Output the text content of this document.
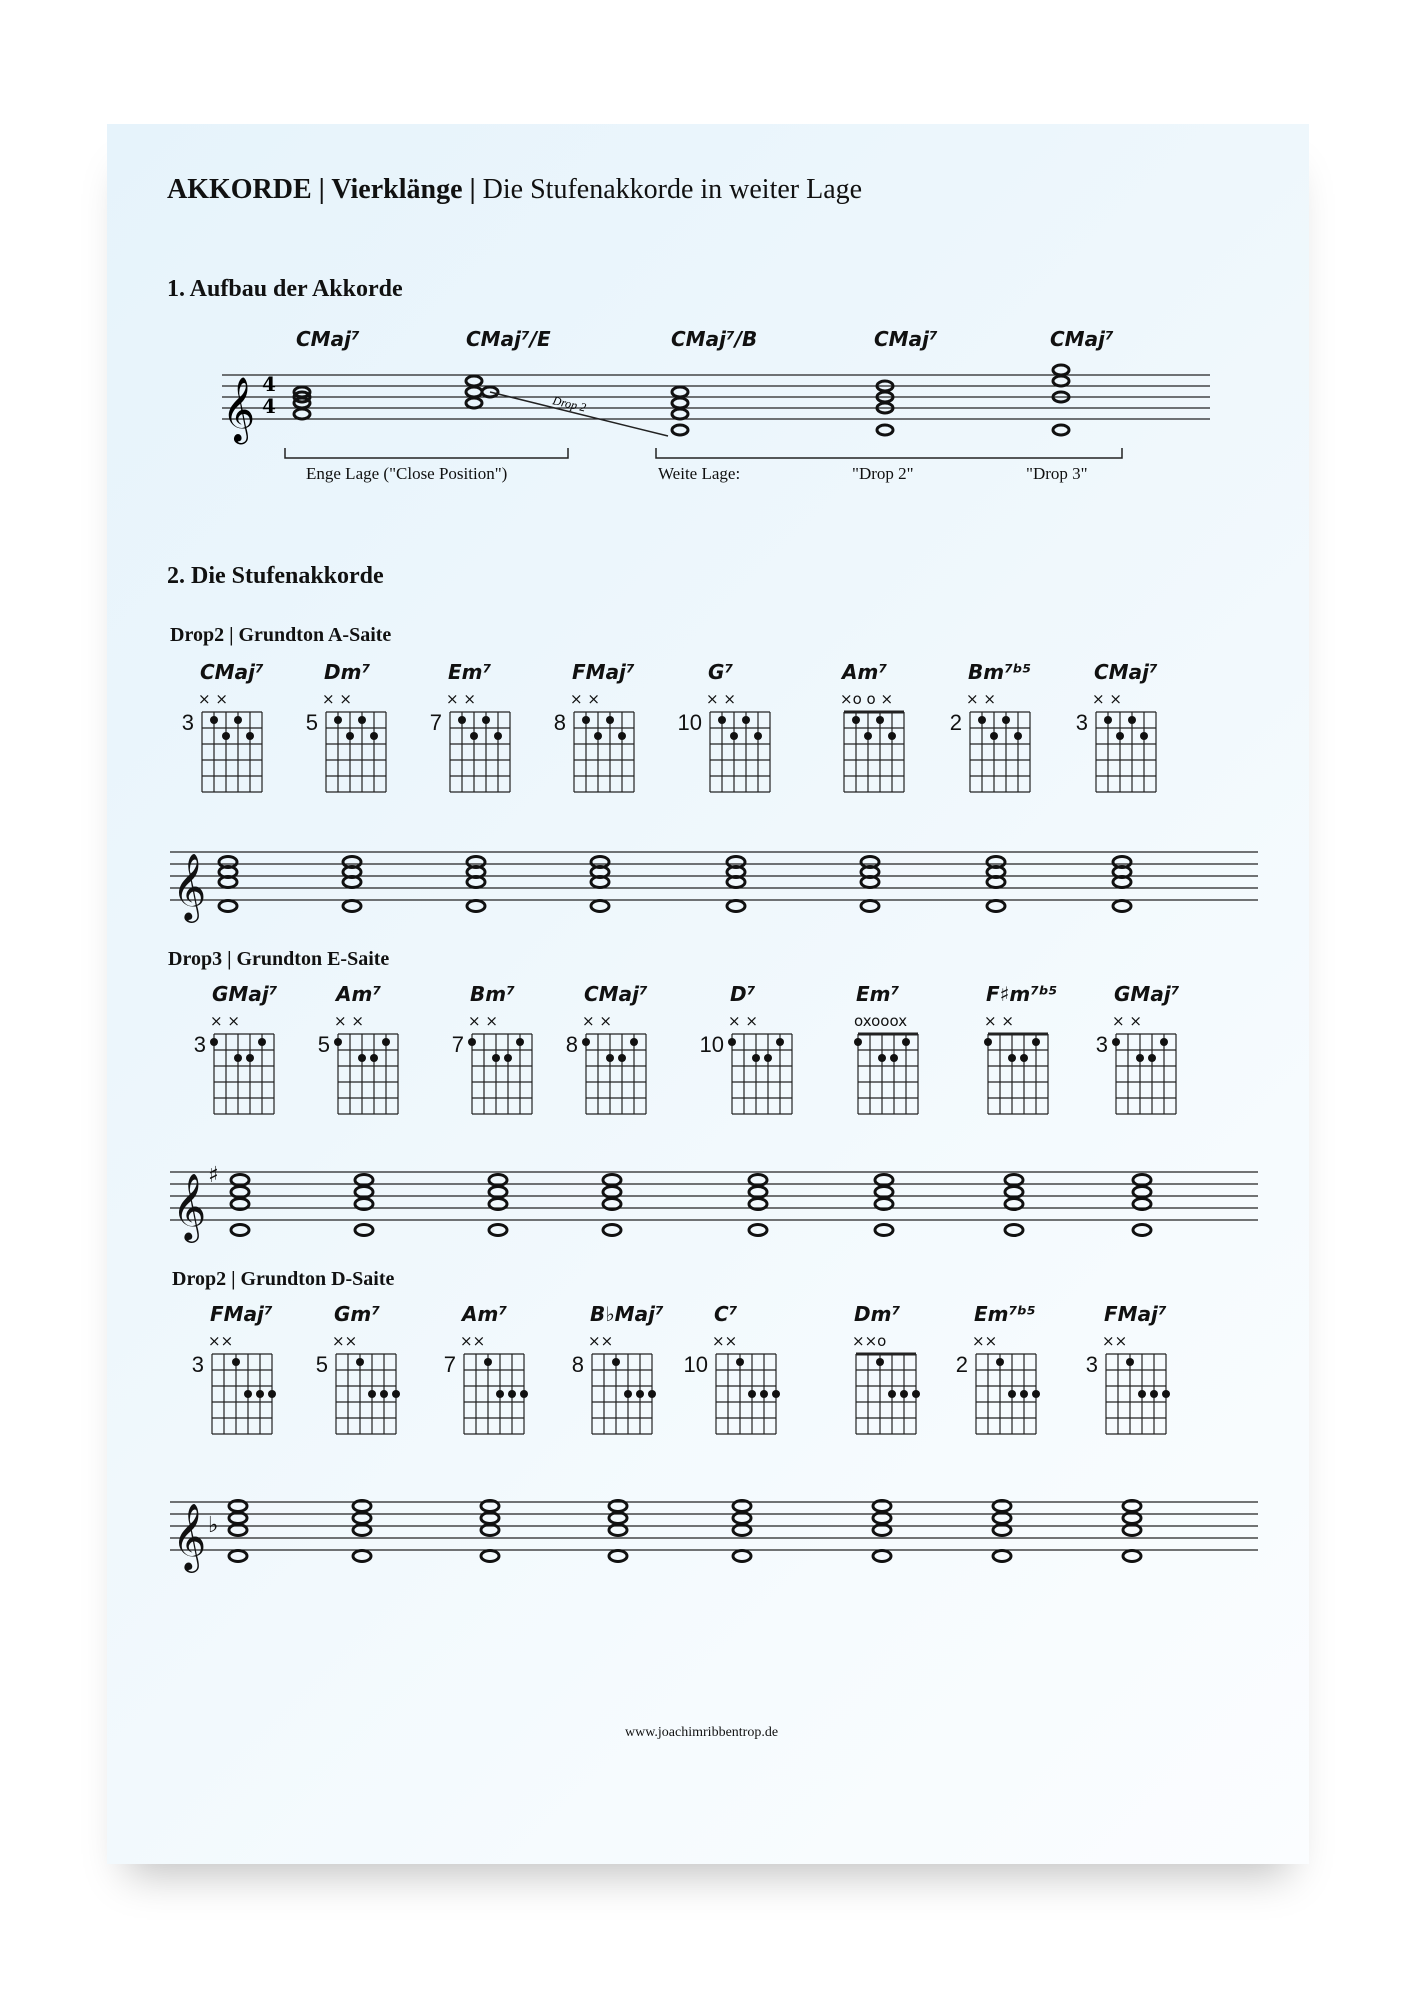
AKKORDE | Vierklänge | Die Stufenakkorde in weiter Lage
1. Aufbau der Akkorde
2. Die Stufenakkorde
CMaj⁷	CMaj⁷/E	CMaj⁷/B	CMaj⁷	CMaj⁷
Enge Lage ("Close Position")	Weite Lage:	"Drop 2"	"Drop 3"
Drop2 | Grundton A-Saite
Drop3 | Grundton E-Saite
Drop2 | Grundton D-Saite
www.joachimribbentrop.de
𝄞 4
4	Drop 2
CMaj⁷	Dm⁷	Em⁷	FMaj⁷	G⁷	Am⁷	Bm⁷ᵇ⁵	CMaj⁷
GMaj⁷	Am⁷	Bm⁷	CMaj⁷	D⁷	Em⁷	F♯m⁷ᵇ⁵	GMaj⁷
FMaj⁷	Gm⁷	Am⁷	B♭Maj⁷	C⁷	Dm⁷	Em⁷ᵇ⁵	FMaj⁷
× ×
3
× ×
5
× ×
7
× ×
8
× ×
10
×o o ×	× ×
2
× ×
3
𝄞
× ×
3
× ×
5
× ×
7
× ×
8
× ×
10
oxooox	× ×	× ×
3
𝄞 ♯
××
3
××
5
××
7
××
8
××
10
××o	××
2
××
3
𝄞 ♭
